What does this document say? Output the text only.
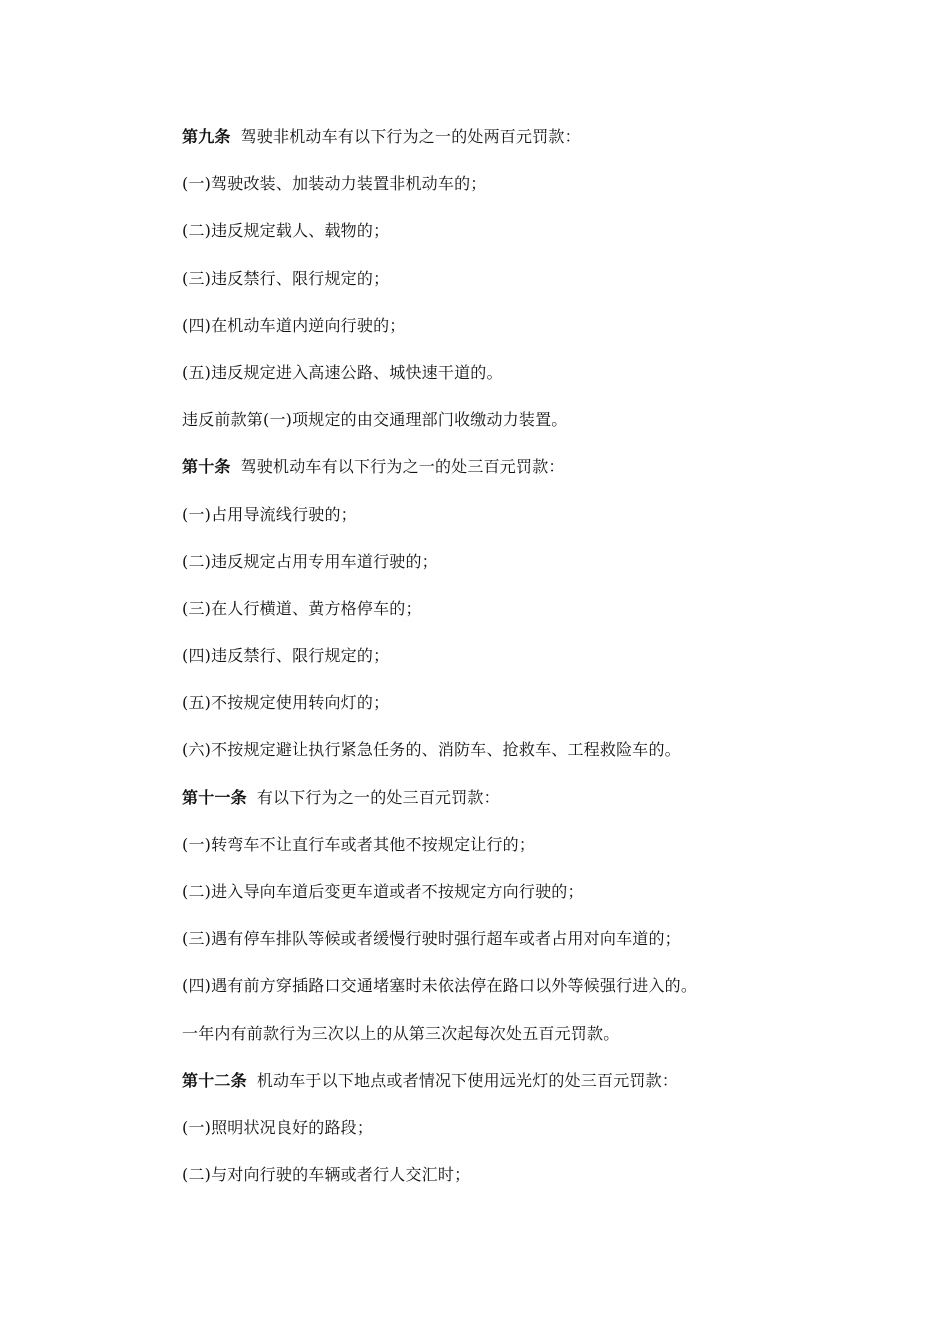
第九条 驾驶非机动车有以下行为之一的处两百元罚款：
(一)驾驶改装、加装动力装置非机动车的；
(二)违反规定载人、载物的；
(三)违反禁行、限行规定的；
(四)在机动车道内逆向行驶的；
(五)违反规定进入高速公路、城快速干道的。
违反前款第(一)项规定的由交通理部门收缴动力装置。
第十条 驾驶机动车有以下行为之一的处三百元罚款：
(一)占用导流线行驶的；
(二)违反规定占用专用车道行驶的；
(三)在人行横道、黄方格停车的；
(四)违反禁行、限行规定的；
(五)不按规定使用转向灯的；
(六)不按规定避让执行紧急任务的、消防车、抢救车、工程救险车的。
第十一条 有以下行为之一的处三百元罚款：
(一)转弯车不让直行车或者其他不按规定让行的；
(二)进入导向车道后变更车道或者不按规定方向行驶的；
(三)遇有停车排队等候或者缓慢行驶时强行超车或者占用对向车道的；
(四)遇有前方穿插路口交通堵塞时未依法停在路口以外等候强行进入的。
一年内有前款行为三次以上的从第三次起每次处五百元罚款。
第十二条 机动车于以下地点或者情况下使用远光灯的处三百元罚款：
(一)照明状况良好的路段；
(二)与对向行驶的车辆或者行人交汇时；
